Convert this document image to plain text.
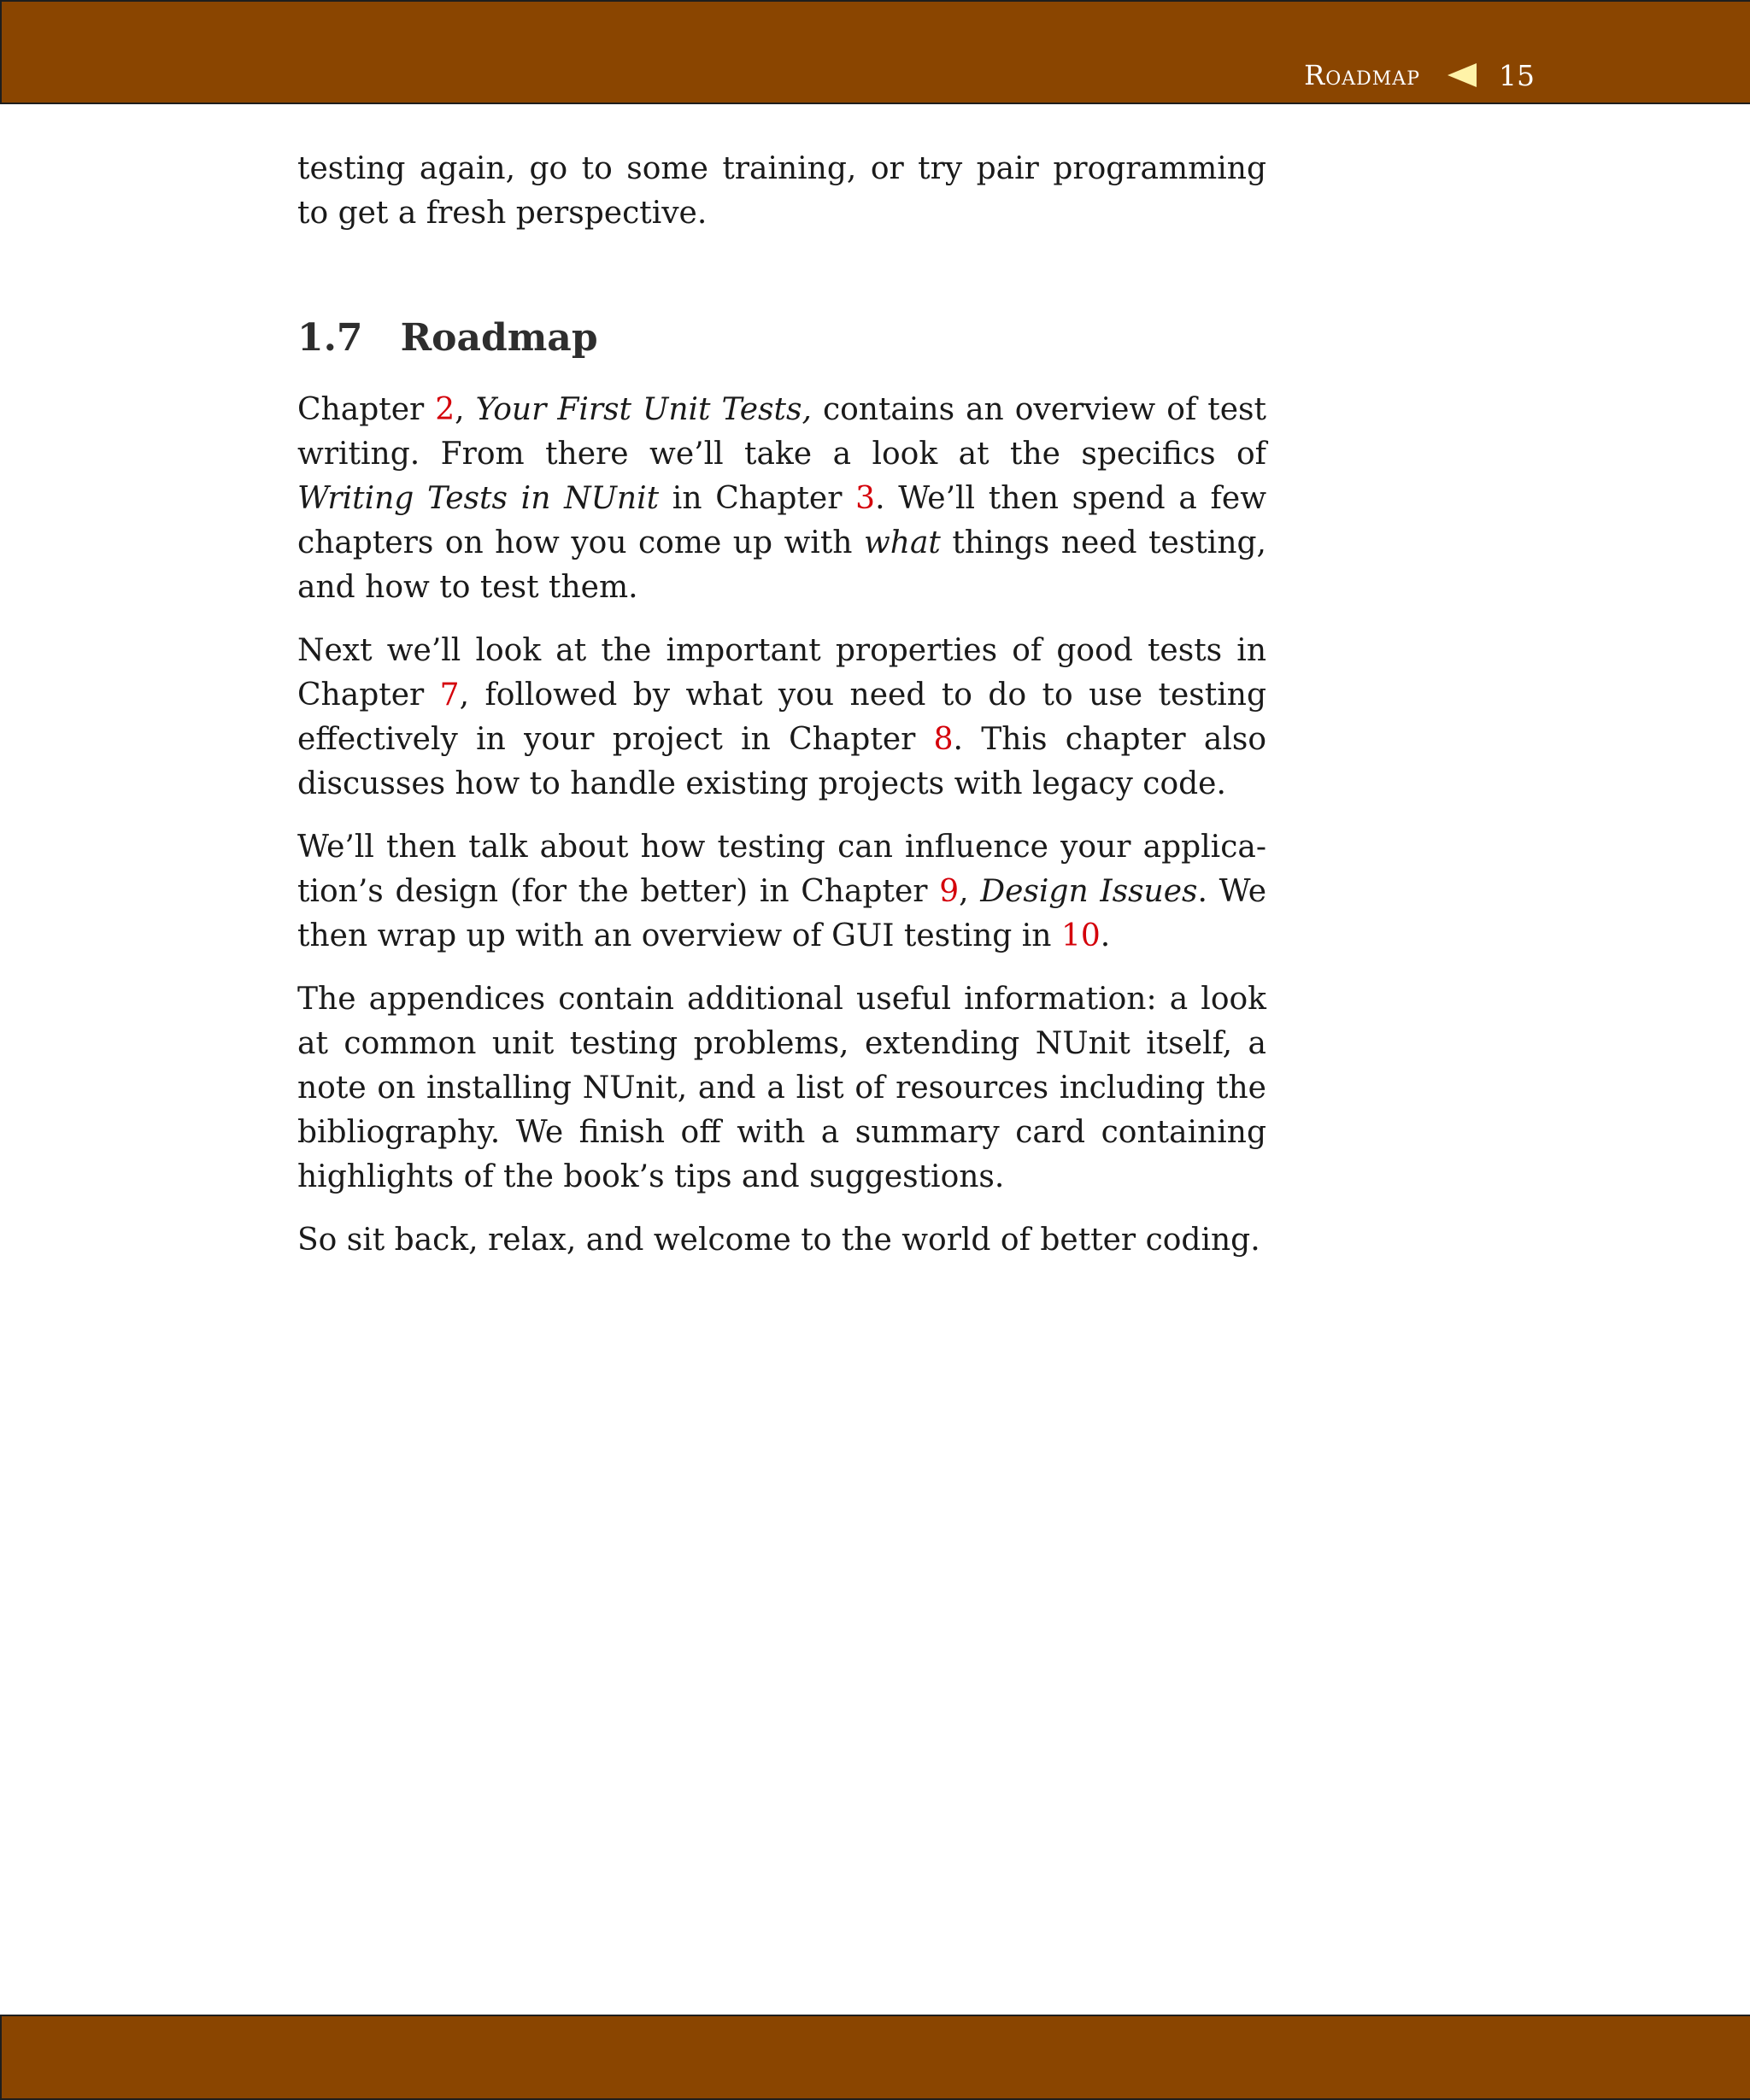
Roadmap	15

testing again, go to some training, or try pair programming to get a fresh perspective.

1.7 Roadmap

Chapter 2, Your First Unit Tests, contains an overview of test writing. From there we’ll take a look at the specifics of Writing Tests in NUnit in Chapter 3. We’ll then spend a few chapters on how you come up with what things need testing, and how to test them.

Next we’ll look at the important properties of good tests in Chapter 7, followed by what you need to do to use testing effectively in your project in Chapter 8. This chapter also discusses how to handle existing projects with legacy code.

We’ll then talk about how testing can influence your application’s design (for the better) in Chapter 9, Design Issues. We then wrap up with an overview of GUI testing in 10.

The appendices contain additional useful information: a look at common unit testing problems, extending NUnit itself, a note on installing NUnit, and a list of resources including the bibliography. We finish off with a summary card containing highlights of the book’s tips and suggestions.

So sit back, relax, and welcome to the world of better coding.
